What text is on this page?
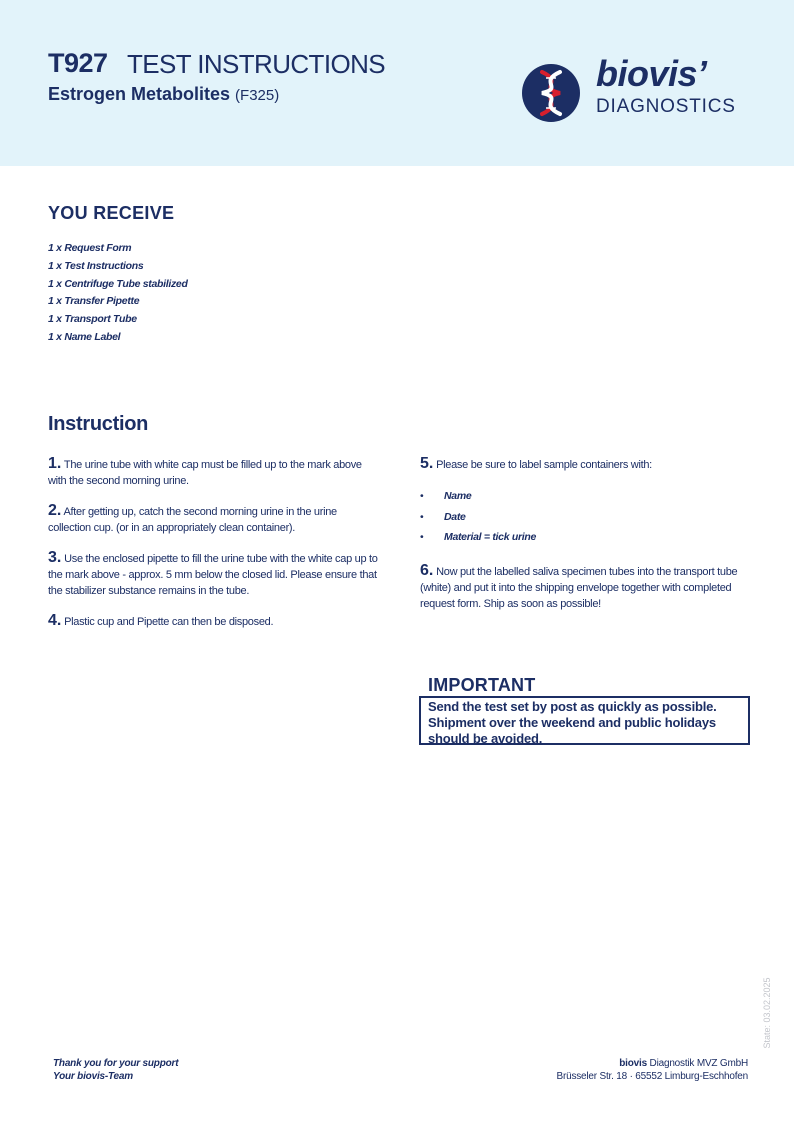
T927 TEST INSTRUCTIONS
Estrogen Metabolites (F325)
biovis’
DIAGNOSTICS
YOU RECEIVE
1 x Request Form
1 x Test Instructions
1 x Centrifuge Tube stabilized
1 x Transfer Pipette
1 x Transport Tube
1 x Name Label
Instruction

1. The urine tube with white cap must be filled up to the mark above with the second morning urine.

2. After getting up, catch the second morning urine in the urine collection cup. (or in an appropriately clean container).

3. Use the enclosed pipette to fill the urine tube with the white cap up to the mark above - approx. 5 mm below the closed lid. Please ensure that the stabilizer substance remains in the tube.

4. Plastic cup and Pipette can then be disposed.

5. Please be sure to label sample containers with:

• Name
• Date
• Material = tick urine

6. Now put the labelled saliva specimen tubes into the transport tube (white) and put it into the shipping envelope together with completed request form. Ship as soon as possible!

IMPORTANT

Send the test set by post as quickly as possible.

Shipment over the weekend and public holidays

should be avoided.

State: 03.02.2025
Thank you for your support
Your biovis-Team
biovis Diagnostik MVZ GmbH
Brüsseler Str. 18 · 65552 Limburg-Eschhofen
